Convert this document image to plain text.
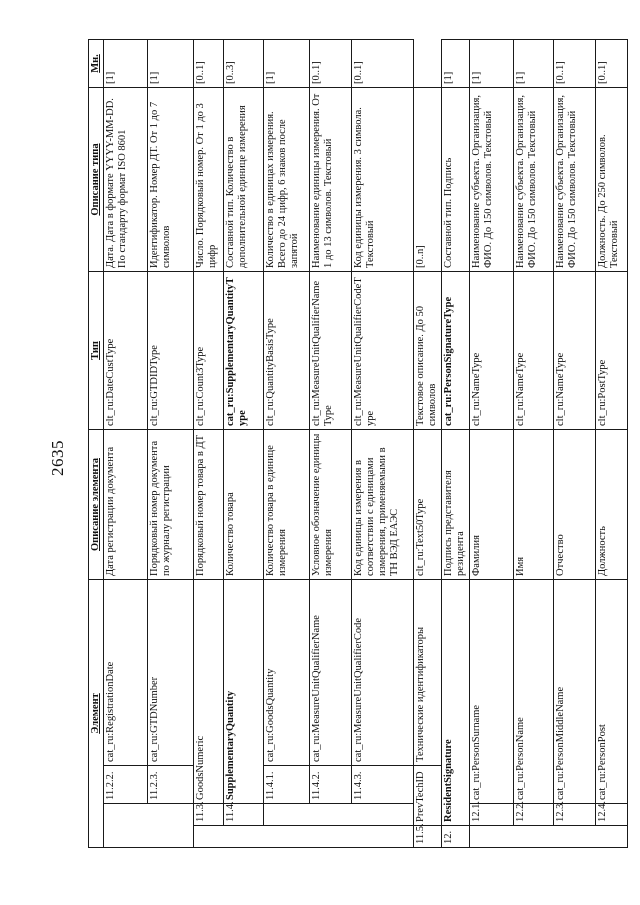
2635
Элемент				Описание элемента	Тип	Описание типа	Мн.
		11.2.2.	cat_ru:RegistrationDate	Дата регистрации документа	clt_ru:DateCustType	Дата. Дата в формате YYYY-MM-DD. По стандарту формат ISO 8601	[1]
		11.2.3.	cat_ru:GTDNumber	Порядковый номер документа по журналу регистрации	clt_ru:GTDIDType	Идентификатор. Номер ДТ. От 1 до 7 символов	[1]
	11.3.	GoodsNumeric		Порядковый номер товара в ДТ	clt_ru:Count3Type	Число. Порядковый номер. От 1 до 3 цифр	[0..1]
	11.4.	SupplementaryQuantity		Количество товара	cat_ru:SupplementaryQuantityType	Составной тип. Количество в дополнительной единице измерения	[0..3]
		11.4.1.	cat_ru:GoodsQuantity	Количество товара в единице измерения	clt_ru:QuantityBasisType	Количество в единицах измерения. Всего до 24 цифр, 6 знаков после запятой	[1]
		11.4.2.	cat_ru:MeasureUnitQualifierName	Условное обозначение единицы измерения	clt_ru:MeasureUnitQualifierNameType	Наименование единицы измерения. От 1 до 13 символов. Текстовый	[0..1]
		11.4.3.	cat_ru:MeasureUnitQualifierCode	Код единицы измерения в соответствии с единицами измерения, применяемыми в ТН ВЭД ЕАЭС	clt_ru:MeasureUnitQualifierCodeType	Код единицы измерения. 3 символа. Текстовый	[0..1]
11.5.	PrevTechID		Технические идентификаторы	clt_ru:Text50Type	Текстовое описание. До 50 символов	[0..n]	
12.	ResidentSignature			Подпись представителя резидента	cat_ru:PersonSignatureType	Составной тип. Подпись	[1]
	12.1.	cat_ru:PersonSurname		Фамилия	clt_ru:NameType	Наименование субъекта. Организация, ФИО. До 150 символов. Текстовый	[1]
	12.2.	cat_ru:PersonName		Имя	clt_ru:NameType	Наименование субъекта. Организация, ФИО. До 150 символов. Текстовый	[1]
	12.3.	cat_ru:PersonMiddleName		Отчество	clt_ru:NameType	Наименование субъекта. Организация, ФИО. До 150 символов. Текстовый	[0..1]
	12.4.	cat_ru:PersonPost		Должность	clt_ru:PostType	Должность. До 250 символов. Текстовый	[0..1]
